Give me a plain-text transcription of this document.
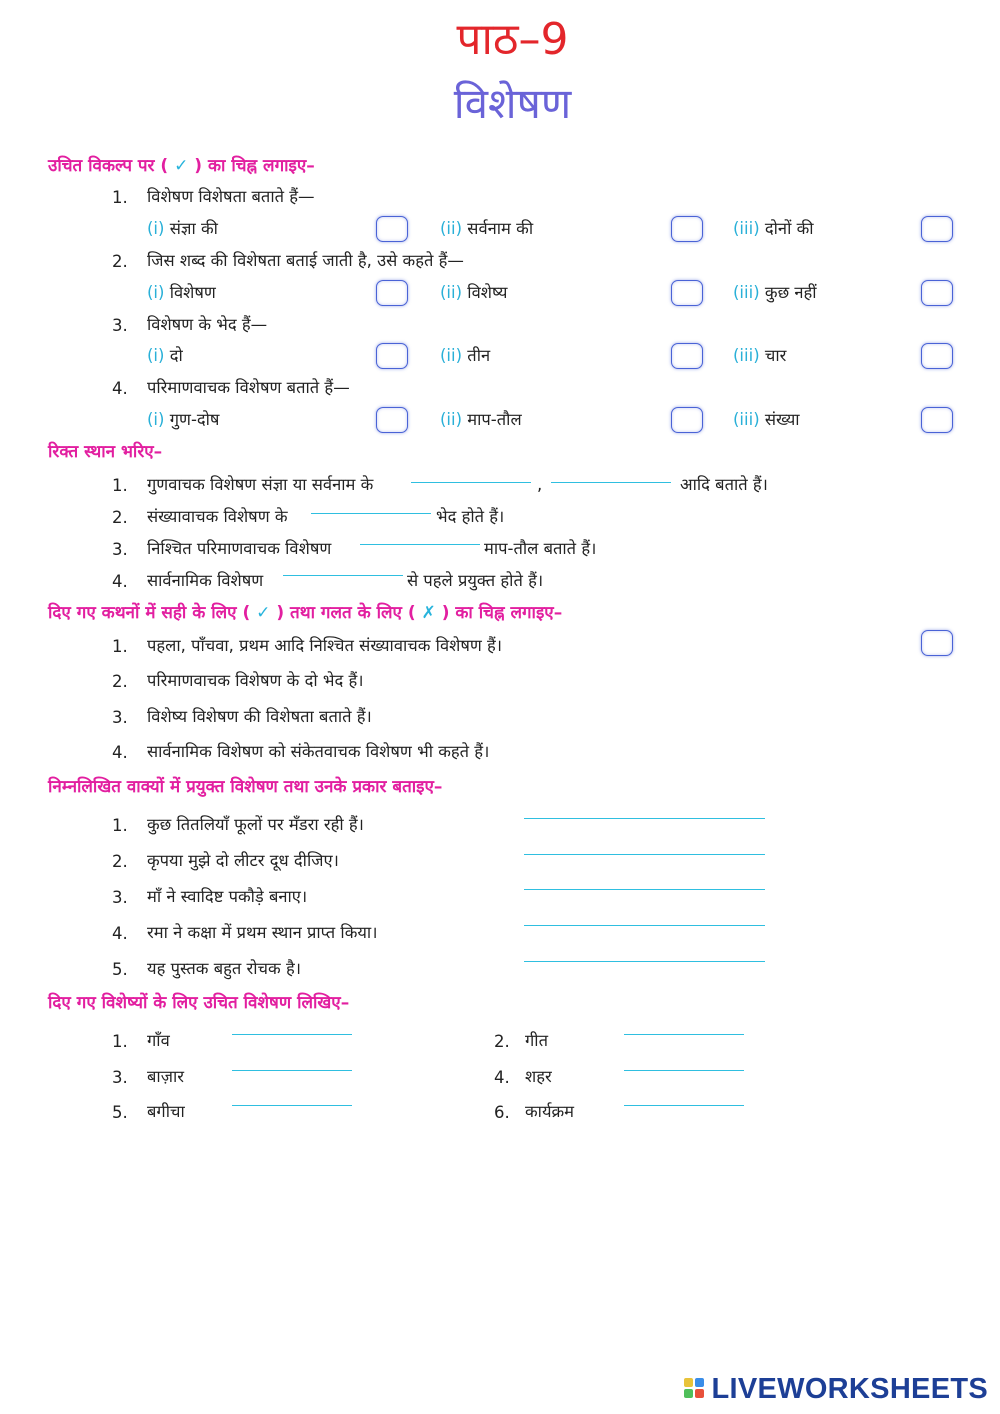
पाठ–9
विशेषण
उचित विकल्प पर ( ✓ ) का चिह्न लगाइए–
1. विशेषण विशेषता बताते हैं—
(i) संज्ञा की	(ii) सर्वनाम की	(iii) दोनों की
2. जिस शब्द की विशेषता बताई जाती है, उसे कहते हैं—
(i) विशेषण	(ii) विशेष्य	(iii) कुछ नहीं
3. विशेषण के भेद हैं—
(i) दो	(ii) तीन	(iii) चार
4. परिमाणवाचक विशेषण बताते हैं—
(i) गुण-दोष	(ii) माप-तौल	(iii) संख्या
रिक्त स्थान भरिए–
1. गुणवाचक विशेषण संज्ञा या सर्वनाम के	,	आदि बताते हैं।
2. संख्यावाचक विशेषण के	भेद होते हैं।
3. निश्चित परिमाणवाचक विशेषण	माप-तौल बताते हैं।
4. सार्वनामिक विशेषण	से पहले प्रयुक्त होते हैं।
दिए गए कथनों में सही के लिए ( ✓ ) तथा गलत के लिए ( ✗ ) का चिह्न लगाइए–
1. पहला, पाँचवा, प्रथम आदि निश्चित संख्यावाचक विशेषण हैं।
2. परिमाणवाचक विशेषण के दो भेद हैं।
3. विशेष्य विशेषण की विशेषता बताते हैं।
4. सार्वनामिक विशेषण को संकेतवाचक विशेषण भी कहते हैं।
निम्नलिखित वाक्यों में प्रयुक्त विशेषण तथा उनके प्रकार बताइए–
1. कुछ तितलियाँ फूलों पर मँडरा रही हैं।
2. कृपया मुझे दो लीटर दूध दीजिए।
3. माँ ने स्वादिष्ट पकौड़े बनाए।
4. रमा ने कक्षा में प्रथम स्थान प्राप्त किया।
5. यह पुस्तक बहुत रोचक है।
दिए गए विशेष्यों के लिए उचित विशेषण लिखिए–
1. गाँव	2. गीत
3. बाज़ार	4. शहर
5. बगीचा	6. कार्यक्रम
LIVEWORKSHEETS
